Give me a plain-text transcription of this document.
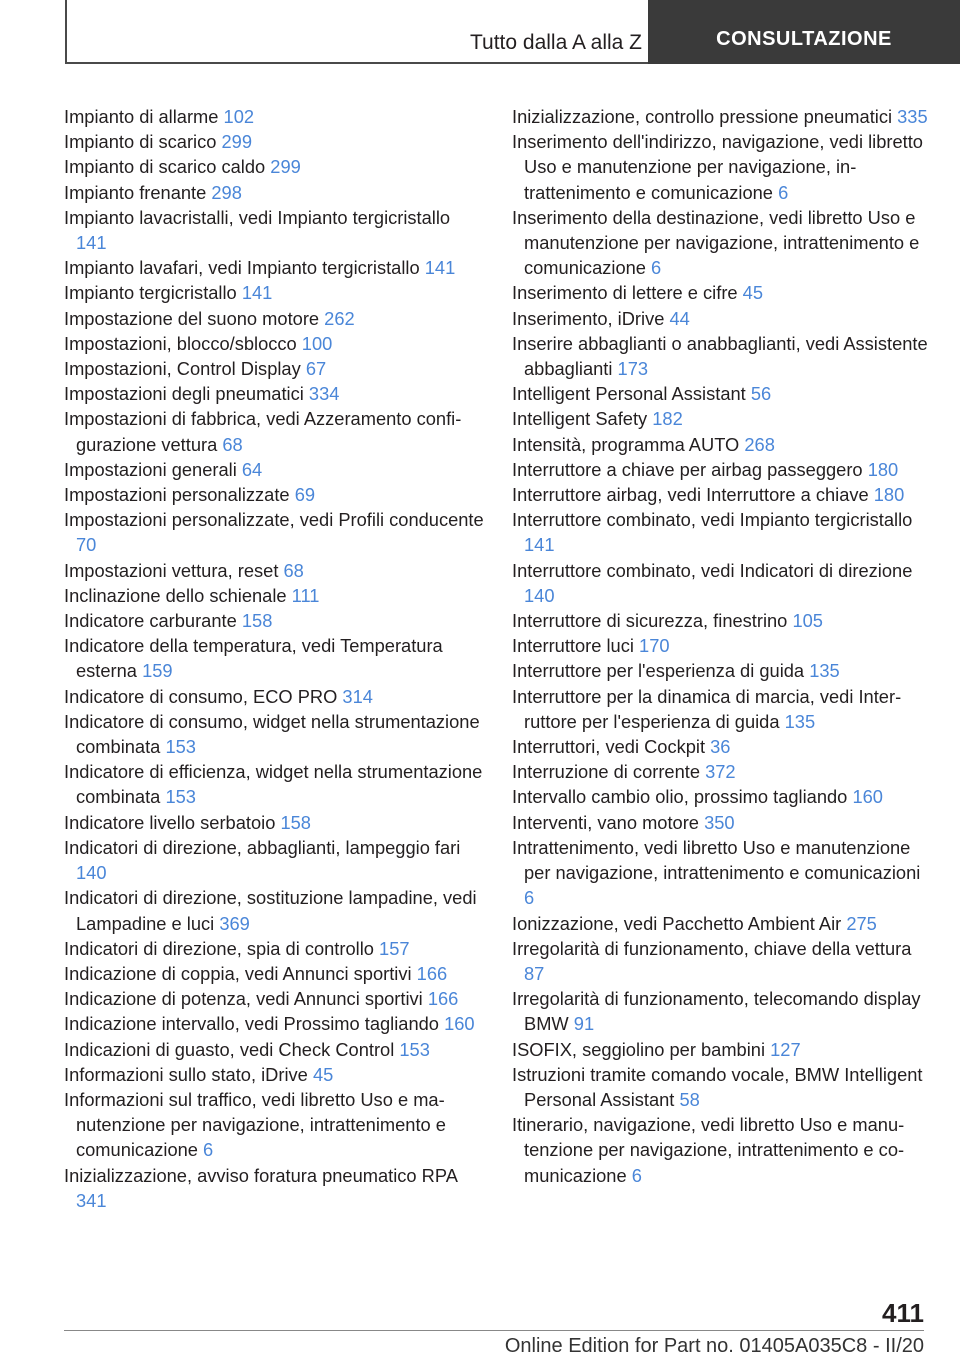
Tutto dalla A alla Z	CONSULTAZIONE
Impianto di allarme 102
Impianto di scarico 299
Impianto di scarico caldo 299
Impianto frenante 298
Impianto lavacristalli, vedi Impianto tergicristallo 141
Impianto lavafari, vedi Impianto tergicristallo 141
Impianto tergicristallo 141
Impostazione del suono motore 262
Impostazioni, blocco/sblocco 100
Impostazioni, Control Display 67
Impostazioni degli pneumatici 334
Impostazioni di fabbrica, vedi Azzeramento configurazione vettura 68
Impostazioni generali 64
Impostazioni personalizzate 69
Impostazioni personalizzate, vedi Profili conducente 70
Impostazioni vettura, reset 68
Inclinazione dello schienale 111
Indicatore carburante 158
Indicatore della temperatura, vedi Temperatura esterna 159
Indicatore di consumo, ECO PRO 314
Indicatore di consumo, widget nella strumentazione combinata 153
Indicatore di efficienza, widget nella strumentazione combinata 153
Indicatore livello serbatoio 158
Indicatori di direzione, abbaglianti, lampeggio fari 140
Indicatori di direzione, sostituzione lampadine, vedi Lampadine e luci 369
Indicatori di direzione, spia di controllo 157
Indicazione di coppia, vedi Annunci sportivi 166
Indicazione di potenza, vedi Annunci sportivi 166
Indicazione intervallo, vedi Prossimo tagliando 160
Indicazioni di guasto, vedi Check Control 153
Informazioni sullo stato, iDrive 45
Informazioni sul traffico, vedi libretto Uso e manutenzione per navigazione, intrattenimento e comunicazione 6
Inizializzazione, avviso foratura pneumatico RPA 341
Inizializzazione, controllo pressione pneumatici 335
Inserimento dell'indirizzo, navigazione, vedi libretto Uso e manutenzione per navigazione, intrattenimento e comunicazione 6
Inserimento della destinazione, vedi libretto Uso e manutenzione per navigazione, intrattenimento e comunicazione 6
Inserimento di lettere e cifre 45
Inserimento, iDrive 44
Inserire abbaglianti o anabbaglianti, vedi Assistente abbaglianti 173
Intelligent Personal Assistant 56
Intelligent Safety 182
Intensità, programma AUTO 268
Interruttore a chiave per airbag passeggero 180
Interruttore airbag, vedi Interruttore a chiave 180
Interruttore combinato, vedi Impianto tergicristallo 141
Interruttore combinato, vedi Indicatori di direzione 140
Interruttore di sicurezza, finestrino 105
Interruttore luci 170
Interruttore per l'esperienza di guida 135
Interruttore per la dinamica di marcia, vedi Interruttore per l'esperienza di guida 135
Interruttori, vedi Cockpit 36
Interruzione di corrente 372
Intervallo cambio olio, prossimo tagliando 160
Interventi, vano motore 350
Intrattenimento, vedi libretto Uso e manutenzione per navigazione, intrattenimento e comunicazioni 6
Ionizzazione, vedi Pacchetto Ambient Air 275
Irregolarità di funzionamento, chiave della vettura 87
Irregolarità di funzionamento, telecomando display BMW 91
ISOFIX, seggiolino per bambini 127
Istruzioni tramite comando vocale, BMW Intelligent Personal Assistant 58
Itinerario, navigazione, vedi libretto Uso e manutenzione per navigazione, intrattenimento e comunicazione 6
411
Online Edition for Part no. 01405A035C8 - II/20
